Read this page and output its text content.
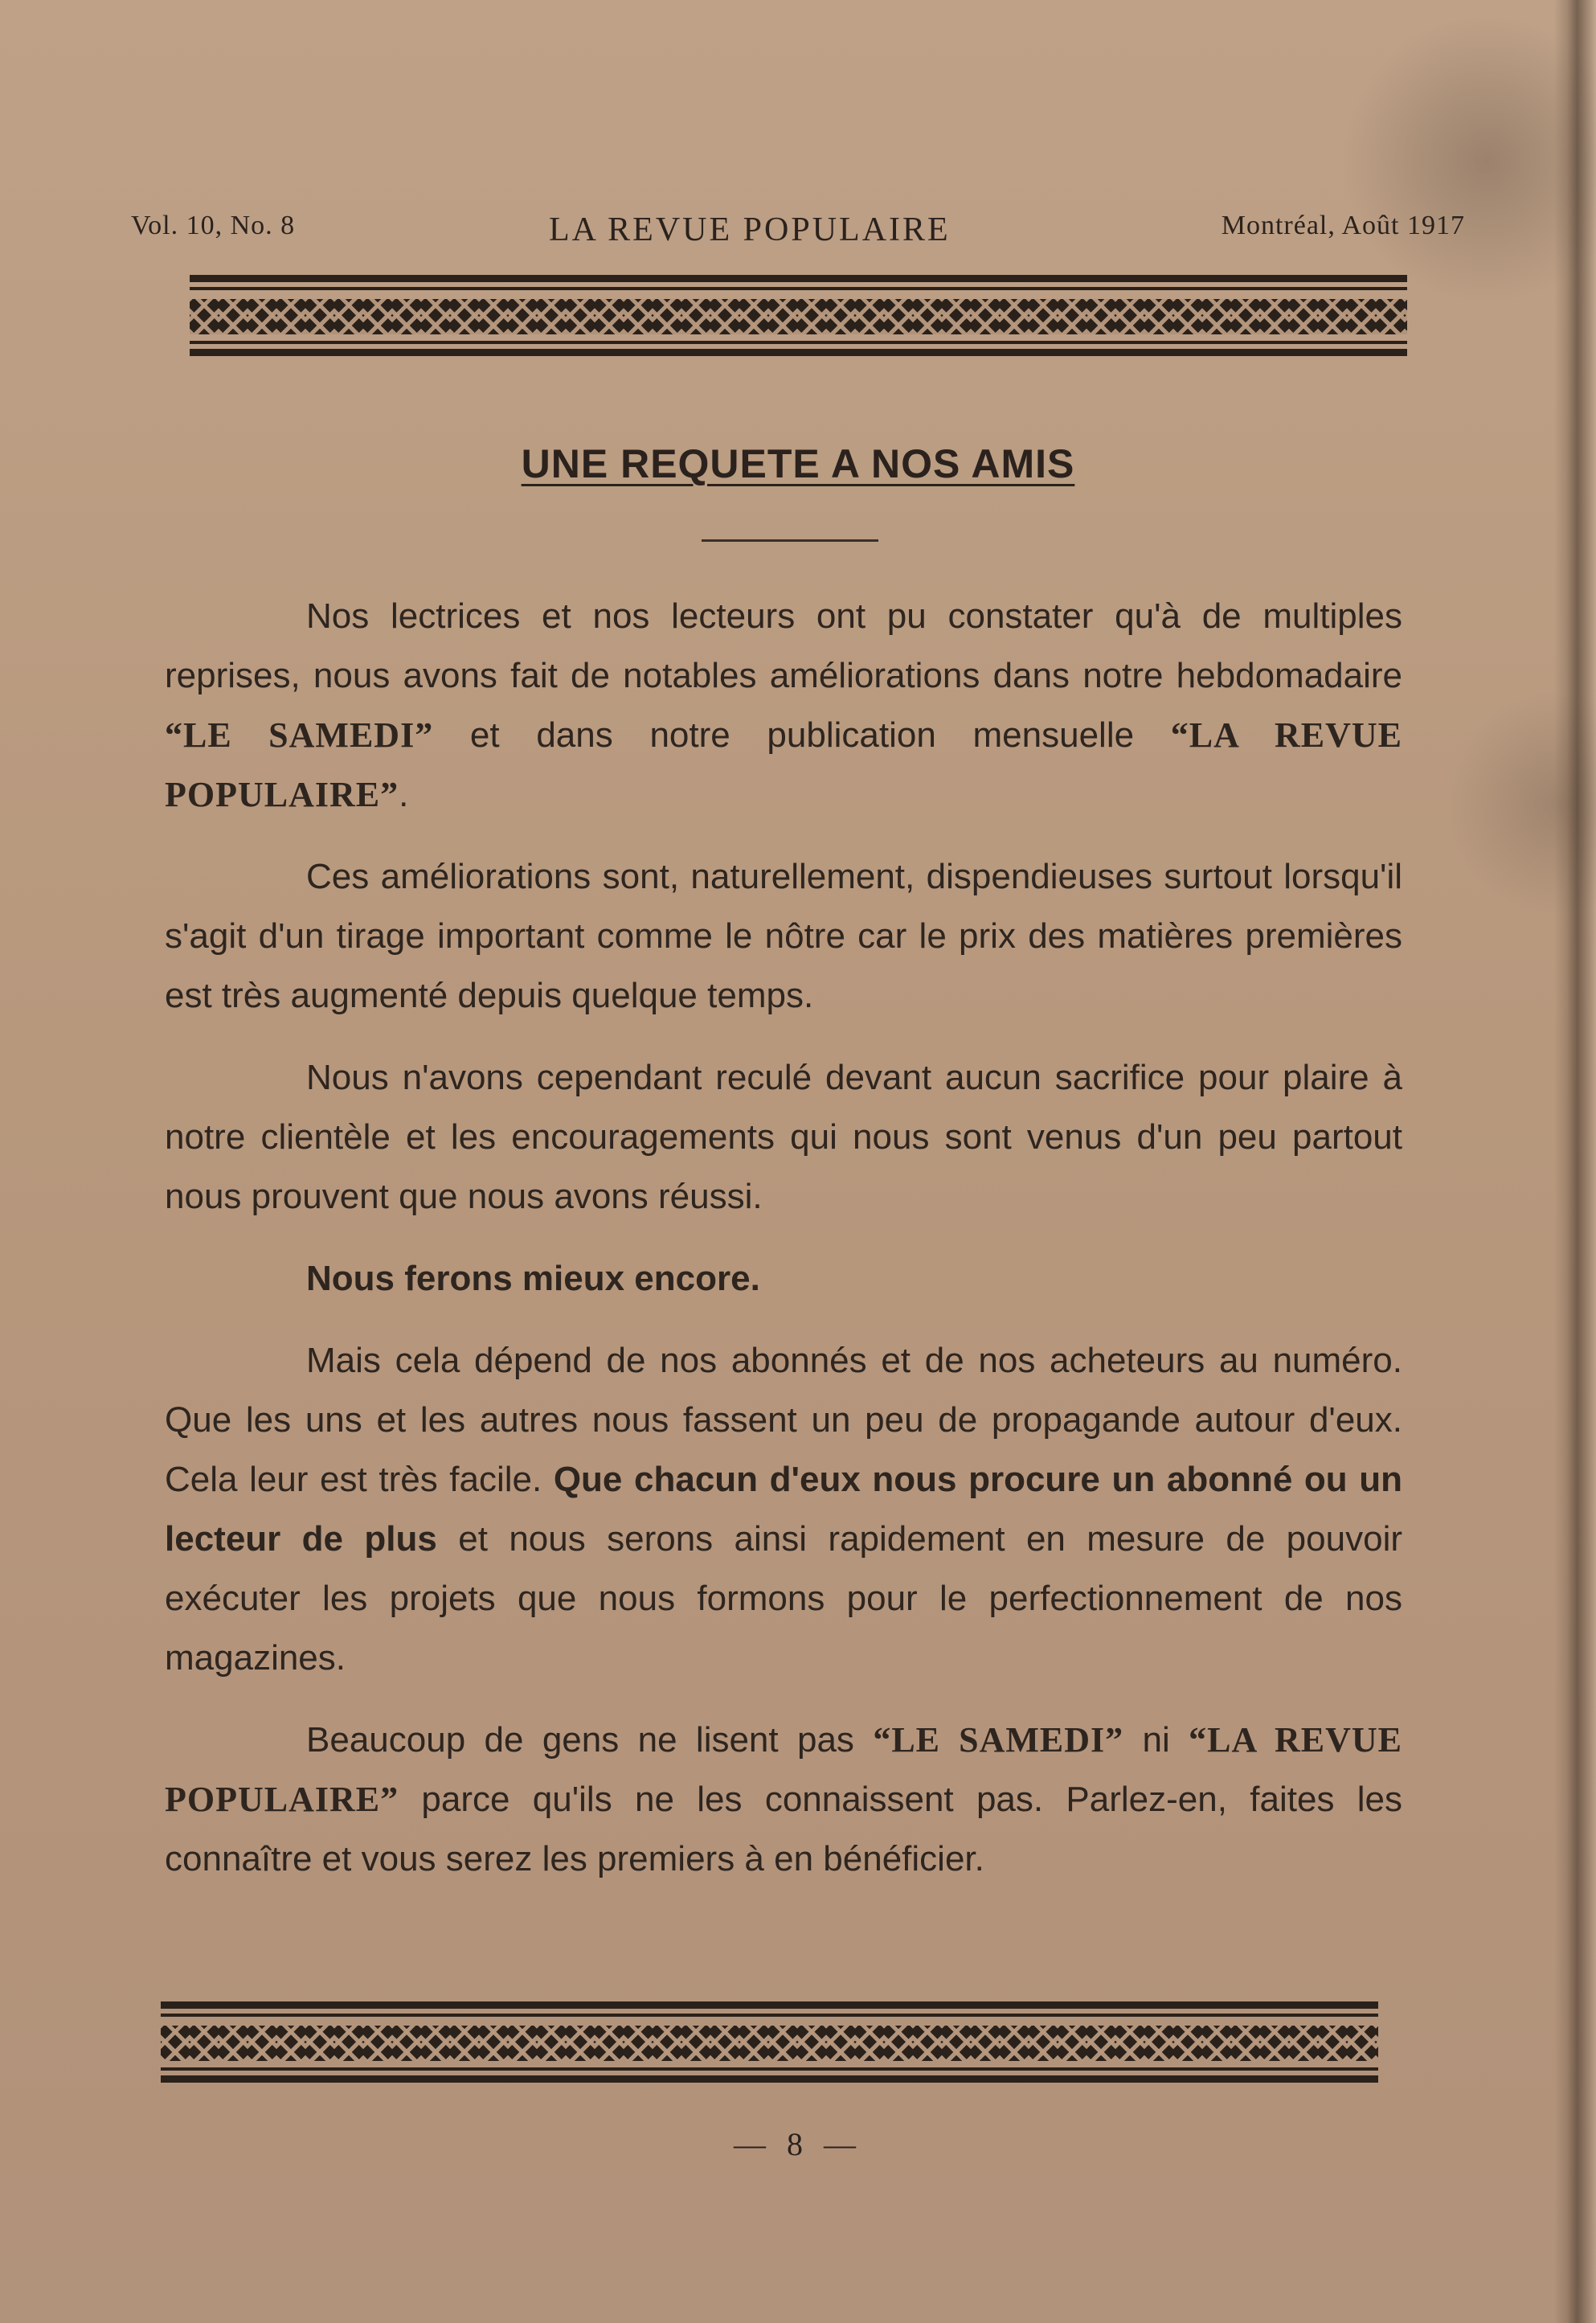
Vol. 10, No. 8	LA REVUE POPULAIRE	Montréal, Août 1917
UNE REQUETE A NOS AMIS

Nos lectrices et nos lecteurs ont pu constater qu'à de multiples reprises, nous avons fait de notables améliorations dans notre hebdomadaire “LE SAMEDI” et dans notre publication mensuelle “LA REVUE POPULAIRE”.

Ces améliorations sont, naturellement, dispendieuses surtout lorsqu'il s'agit d'un tirage important comme le nôtre car le prix des matières premières est très augmenté depuis quelque temps.

Nous n'avons cependant reculé devant aucun sacrifice pour plaire à notre clientèle et les encouragements qui nous sont venus d'un peu partout nous prouvent que nous avons réussi.

Nous ferons mieux encore.

Mais cela dépend de nos abonnés et de nos acheteurs au numéro. Que les uns et les autres nous fassent un peu de propagande autour d'eux. Cela leur est très facile. Que chacun d'eux nous procure un abonné ou un lecteur de plus et nous serons ainsi rapidement en mesure de pouvoir exécuter les projets que nous formons pour le perfectionnement de nos magazines.

Beaucoup de gens ne lisent pas “LE SAMEDI” ni “LA REVUE POPULAIRE” parce qu'ils ne les connaissent pas. Parlez-en, faites les connaître et vous serez les premiers à en bénéficier.

— 8 —
